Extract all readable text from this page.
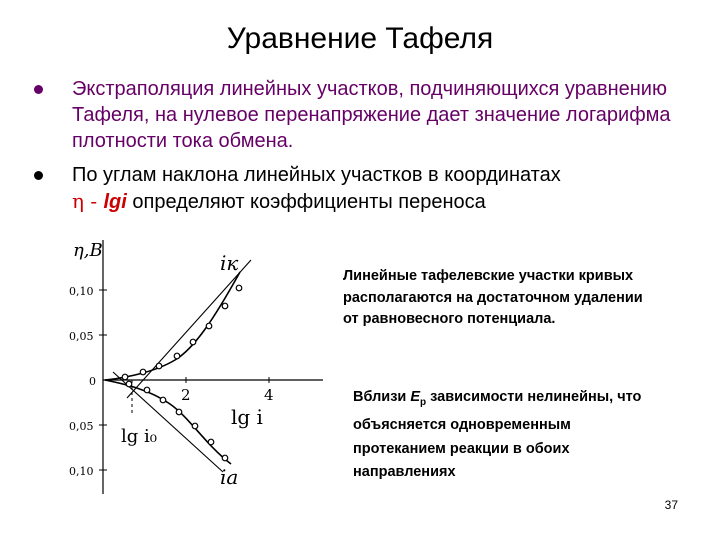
Уравнение Тафеля
Экстраполяция линейных участков, подчиняющихся уравнению Тафеля, на нулевое перенапряжение дает значение логарифма плотности тока обмена.
По углам наклона линейных участков в координатах
η - lgi определяют коэффициенты переноса
η,B
0,10
0,05
0
0,05
0,10
2	4
lg i
lg i₀
iк
iа
Линейные тафелевские участки кривых располагаются на достаточном удалении от равновесного потенциала.
Вблизи $E_p$ зависимости нелинейны, что объясняется одновременным протеканием реакции в обоих направлениях
37
